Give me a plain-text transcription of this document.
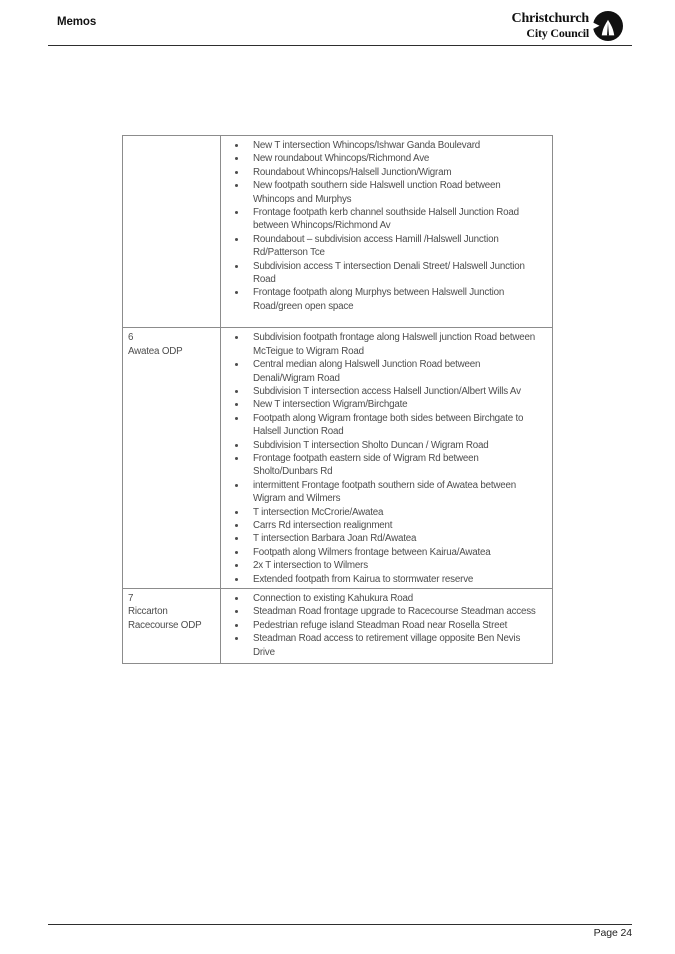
Memos	Christchurch
City Council

• New T intersection Whincops/Ishwar Ganda Boulevard
• New roundabout Whincops/Richmond Ave
• Roundabout Whincops/Halsell Junction/Wigram
• New footpath southern side Halswell unction Road between Whincops and Murphys
• Frontage footpath kerb channel southside Halsell Junction Road between Whincops/Richmond Av
• Roundabout – subdivision access Hamill /Halswell Junction Rd/Patterson Tce
• Subdivision access T intersection Denali Street/ Halswell Junction Road
• Frontage footpath along Murphys between Halswell Junction Road/green open space

6
Awatea ODP

• Subdivision footpath frontage along Halswell junction Road between McTeigue to Wigram Road
• Central median along Halswell Junction Road between Denali/Wigram Road
• Subdivision T intersection access Halsell Junction/Albert Wills Av
• New T intersection Wigram/Birchgate
• Footpath along Wigram frontage both sides between Birchgate to Halsell Junction Road
• Subdivision T intersection Sholto Duncan / Wigram Road
• Frontage footpath eastern side of Wigram Rd between Sholto/Dunbars Rd
• intermittent Frontage footpath southern side of Awatea between Wigram and Wilmers
• T intersection McCrorie/Awatea
• Carrs Rd intersection realignment
• T intersection Barbara Joan Rd/Awatea
• Footpath along Wilmers frontage between Kairua/Awatea
• 2x T intersection to Wilmers
• Extended footpath from Kairua to stormwater reserve

7
Riccarton
Racecourse ODP

• Connection to existing Kahukura Road
• Steadman Road frontage upgrade to Racecourse Steadman access
• Pedestrian refuge island Steadman Road near Rosella Street
• Steadman Road access to retirement village opposite Ben Nevis Drive
Page 24
